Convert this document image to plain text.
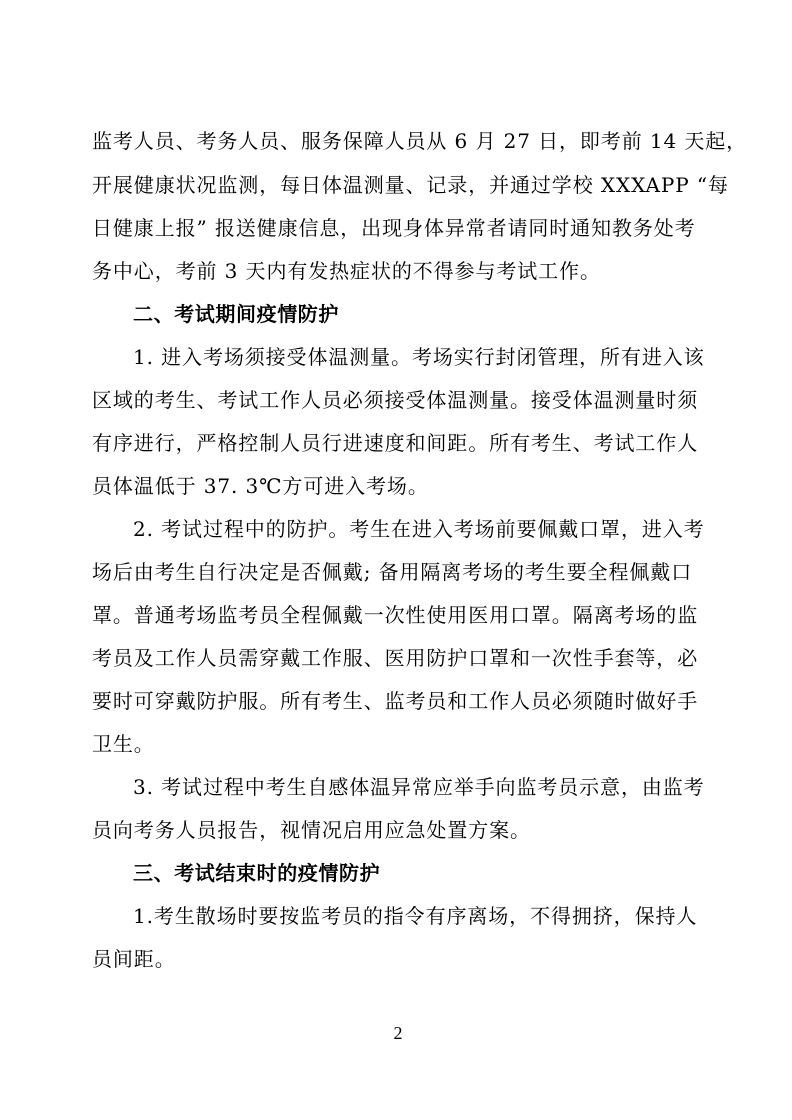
监考人员、考务人员、服务保障人员从 6 月 27 日，即考前 14 天起，
开展健康状况监测，每日体温测量、记录，并通过学校 XXXAPP “每
日健康上报” 报送健康信息，出现身体异常者请同时通知教务处考
务中心，考前 3 天内有发热症状的不得参与考试工作。
二、考试期间疫情防护
1. 进入考场须接受体温测量。考场实行封闭管理，所有进入该
区域的考生、考试工作人员必须接受体温测量。接受体温测量时须
有序进行，严格控制人员行进速度和间距。所有考生、考试工作人
员体温低于 37. 3℃方可进入考场。
2. 考试过程中的防护。考生在进入考场前要佩戴口罩，进入考
场后由考生自行决定是否佩戴; 备用隔离考场的考生要全程佩戴口
罩。普通考场监考员全程佩戴一次性使用医用口罩。隔离考场的监
考员及工作人员需穿戴工作服、医用防护口罩和一次性手套等，必
要时可穿戴防护服。所有考生、监考员和工作人员必须随时做好手
卫生。
3. 考试过程中考生自感体温异常应举手向监考员示意，由监考
员向考务人员报告，视情况启用应急处置方案。
三、考试结束时的疫情防护
1.考生散场时要按监考员的指令有序离场，不得拥挤，保持人
员间距。
2
